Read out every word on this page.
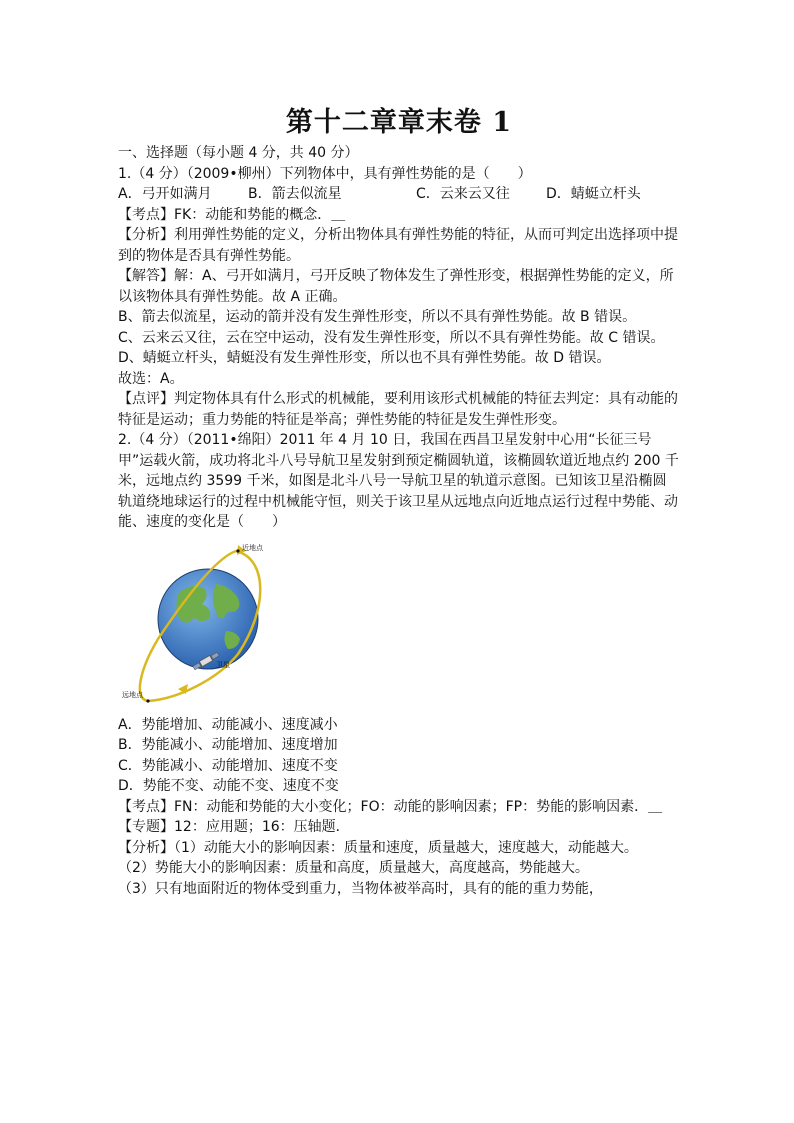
第十二章章末卷 1

一、选择题（每小题 4 分，共 40 分）

1.（4 分）（2009•柳州）下列物体中，具有弹性势能的是（　　）

A．弓开如满月	B．箭去似流星	C．云来云又往	D．蜻蜓立杆头

【考点】FK：动能和势能的概念．＿

【分析】利用弹性势能的定义，分析出物体具有弹性势能的特征，从而可判定出选择项中提到的物体是否具有弹性势能。

【解答】解：A、弓开如满月，弓开反映了物体发生了弹性形变，根据弹性势能的定义，所以该物体具有弹性势能。故 A 正确。

B、箭去似流星，运动的箭并没有发生弹性形变，所以不具有弹性势能。故 B 错误。

C、云来云又往，云在空中运动，没有发生弹性形变，所以不具有弹性势能。故 C 错误。

D、蜻蜓立杆头，蜻蜓没有发生弹性形变，所以也不具有弹性势能。故 D 错误。

故选：A。

【点评】判定物体具有什么形式的机械能，要利用该形式机械能的特征去判定：具有动能的特征是运动；重力势能的特征是举高；弹性势能的特征是发生弹性形变。

2.（4 分）（2011•绵阳）2011 年 4 月 10 日，我国在西昌卫星发射中心用“长征三号甲”运载火箭，成功将北斗八号导航卫星发射到预定椭圆轨道，该椭圆软道近地点约 200 千米，远地点约 3599 千米，如图是北斗八号一导航卫星的轨道示意图。已知该卫星沿椭圆轨道绕地球运行的过程中机械能守恒，则关于该卫星从远地点向近地点运行过程中势能、动能、速度的变化是（　　）

近地点
远地点
卫星

A．势能增加、动能减小、速度减小

B．势能减小、动能增加、速度增加

C．势能减小、动能增加、速度不变

D．势能不变、动能不变、速度不变

【考点】FN：动能和势能的大小变化；FO：动能的影响因素；FP：势能的影响因素．＿

【专题】12：应用题；16：压轴题．

【分析】（1）动能大小的影响因素：质量和速度，质量越大，速度越大，动能越大。

（2）势能大小的影响因素：质量和高度，质量越大，高度越高，势能越大。

（3）只有地面附近的物体受到重力，当物体被举高时，具有的能的重力势能，
